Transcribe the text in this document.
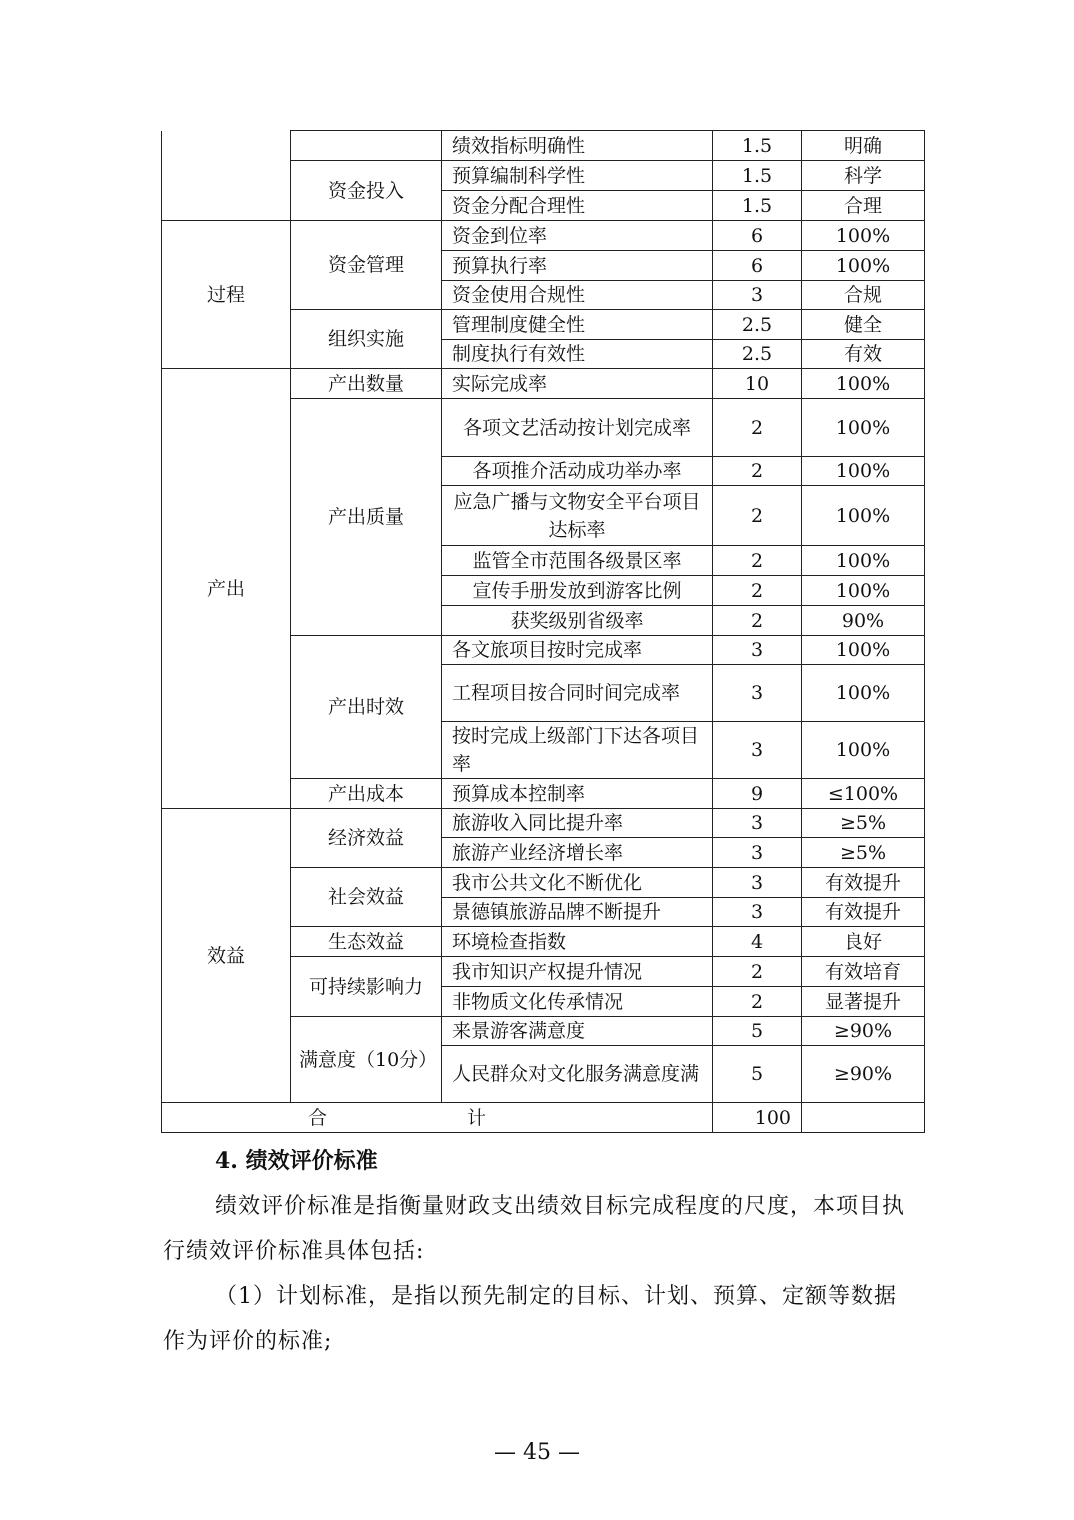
		绩效指标明确性	1.5	明确
	资金投入	预算编制科学性	1.5	科学
		资金分配合理性	1.5	合理
过程	资金管理	资金到位率	6	100%
		预算执行率	6	100%
		资金使用合规性	3	合规
	组织实施	管理制度健全性	2.5	健全
		制度执行有效性	2.5	有效
产出	产出数量	实际完成率	10	100%
	产出质量	各项文艺活动按计划完成率	2	100%
		各项推介活动成功举办率	2	100%
		应急广播与文物安全平台项目达标率	2	100%
		监管全市范围各级景区率	2	100%
		宣传手册发放到游客比例	2	100%
		获奖级别省级率	2	90%
	产出时效	各文旅项目按时完成率	3	100%
		工程项目按合同时间完成率	3	100%
		按时完成上级部门下达各项目率	3	100%
	产出成本	预算成本控制率	9	≤100%
效益	经济效益	旅游收入同比提升率	3	≥5%
		旅游产业经济增长率	3	≥5%
	社会效益	我市公共文化不断优化	3	有效提升
		景德镇旅游品牌不断提升	3	有效提升
	生态效益	环境检查指数	4	良好
	可持续影响力	我市知识产权提升情况	2	有效培育
		非物质文化传承情况	2	显著提升
	满意度（10分）	来景游客满意度	5	≥90%
		人民群众对文化服务满意度满	5	≥90%
合 计			100	
4. 绩效评价标准
绩效评价标准是指衡量财政支出绩效目标完成程度的尺度，本项目执行绩效评价标准具体包括:
（1）计划标准，是指以预先制定的目标、计划、预算、定额等数据作为评价的标准;
— 45 —
